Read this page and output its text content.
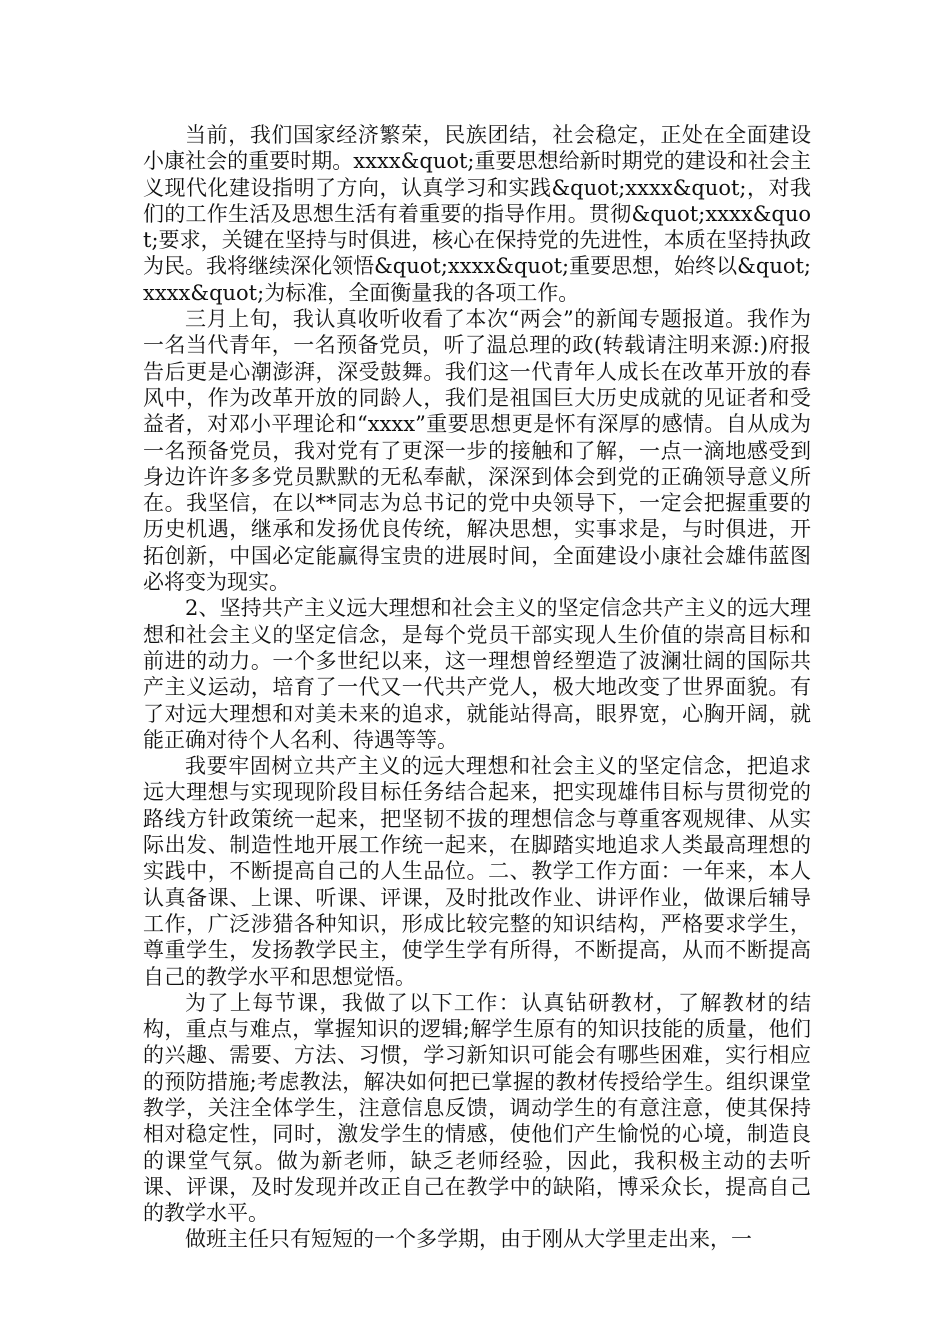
当前，我们国家经济繁荣，民族团结，社会稳定，正处在全面建设小康社会的重要时期。xxxx&quot;重要思想给新时期党的建设和社会主义现代化建设指明了方向，认真学习和实践&quot;xxxx&quot;，对我们的工作生活及思想生活有着重要的指导作用。贯彻&quot;xxxx&quot;要求，关键在坚持与时俱进，核心在保持党的先进性，本质在坚持执政为民。我将继续深化领悟&quot;xxxx&quot;重要思想，始终以&quot;xxxx&quot;为标准，全面衡量我的各项工作。

三月上旬，我认真收听收看了本次“两会”的新闻专题报道。我作为一名当代青年，一名预备党员，听了温总理的政(转载请注明来源:)府报告后更是心潮澎湃，深受鼓舞。我们这一代青年人成长在改革开放的春风中，作为改革开放的同龄人，我们是祖国巨大历史成就的见证者和受益者，对邓小平理论和“xxxx”重要思想更是怀有深厚的感情。自从成为一名预备党员，我对党有了更深一步的接触和了解，一点一滴地感受到身边许许多多党员默默的无私奉献，深深到体会到党的正确领导意义所在。我坚信，在以**同志为总书记的党中央领导下，一定会把握重要的历史机遇，继承和发扬优良传统，解决思想，实事求是，与时俱进，开拓创新，中国必定能赢得宝贵的进展时间，全面建设小康社会雄伟蓝图必将变为现实。

2、坚持共产主义远大理想和社会主义的坚定信念共产主义的远大理想和社会主义的坚定信念，是每个党员干部实现人生价值的崇高目标和前进的动力。一个多世纪以来，这一理想曾经塑造了波澜壮阔的国际共产主义运动，培育了一代又一代共产党人，极大地改变了世界面貌。有了对远大理想和对美未来的追求，就能站得高，眼界宽，心胸开阔，就能正确对待个人名利、待遇等等。

我要牢固树立共产主义的远大理想和社会主义的坚定信念，把追求远大理想与实现现阶段目标任务结合起来，把实现雄伟目标与贯彻党的路线方针政策统一起来，把坚韧不拔的理想信念与尊重客观规律、从实际出发、制造性地开展工作统一起来，在脚踏实地追求人类最高理想的实践中，不断提高自己的人生品位。二、教学工作方面：一年来，本人认真备课、上课、听课、评课，及时批改作业、讲评作业，做课后辅导工作，广泛涉猎各种知识，形成比较完整的知识结构，严格要求学生，尊重学生，发扬教学民主，使学生学有所得，不断提高，从而不断提高自己的教学水平和思想觉悟。

为了上每节课，我做了以下工作：认真钻研教材，了解教材的结构，重点与难点，掌握知识的逻辑;解学生原有的知识技能的质量，他们的兴趣、需要、方法、习惯，学习新知识可能会有哪些困难，实行相应的预防措施;考虑教法，解决如何把已掌握的教材传授给学生。组织课堂教学，关注全体学生，注意信息反馈，调动学生的有意注意，使其保持相对稳定性，同时，激发学生的情感，使他们产生愉悦的心境，制造良的课堂气氛。做为新老师，缺乏老师经验，因此，我积极主动的去听课、评课，及时发现并改正自己在教学中的缺陷，博采众长，提高自己的教学水平。

做班主任只有短短的一个多学期，由于刚从大学里走出来，一
